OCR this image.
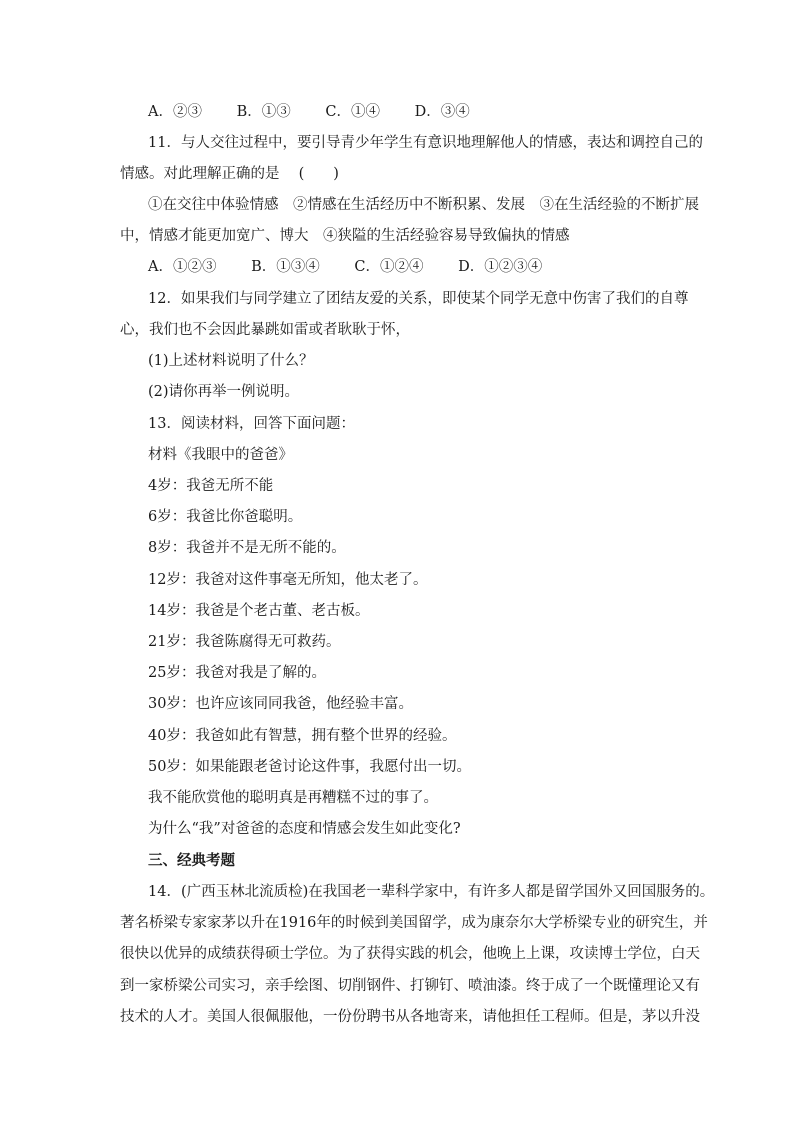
A．②③ B．①③ C．①④ D．③④
11．与人交往过程中，要引导青少年学生有意识地理解他人的情感，表达和调控自己的
情感。对此理解正确的是　 (　　)
①在交往中体验情感　②情感在生活经历中不断积累、发展　③在生活经验的不断扩展
中，情感才能更加宽广、博大　④狭隘的生活经验容易导致偏执的情感
A．①②③ B．①③④ C．①②④ D．①②③④
12．如果我们与同学建立了团结友爱的关系，即使某个同学无意中伤害了我们的自尊
心，我们也不会因此暴跳如雷或者耿耿于怀，
(1)上述材料说明了什么？
(2)请你再举一例说明。
13．阅读材料，回答下面问题：
材料《我眼中的爸爸》
4岁：我爸无所不能
6岁：我爸比你爸聪明。
8岁：我爸并不是无所不能的。
12岁：我爸对这件事毫无所知，他太老了。
14岁：我爸是个老古董、老古板。
21岁：我爸陈腐得无可救药。
25岁：我爸对我是了解的。
30岁：也许应该同同我爸，他经验丰富。
40岁：我爸如此有智慧，拥有整个世界的经验。
50岁：如果能跟老爸讨论这件事，我愿付出一切。
我不能欣赏他的聪明真是再糟糕不过的事了。
为什么“我”对爸爸的态度和情感会发生如此变化?
三、经典考题
14．(广西玉林北流质检)在我国老一辈科学家中，有许多人都是留学国外又回国服务的。
著名桥梁专家家茅以升在1916年的时候到美国留学，成为康奈尔大学桥梁专业的研究生，并
很快以优异的成绩获得硕士学位。为了获得实践的机会，他晚上上课，攻读博士学位，白天
到一家桥梁公司实习，亲手绘图、切削钢件、打铆钉、喷油漆。终于成了一个既懂理论又有
技术的人才。美国人很佩服他，一份份聘书从各地寄来，请他担任工程师。但是，茅以升没
